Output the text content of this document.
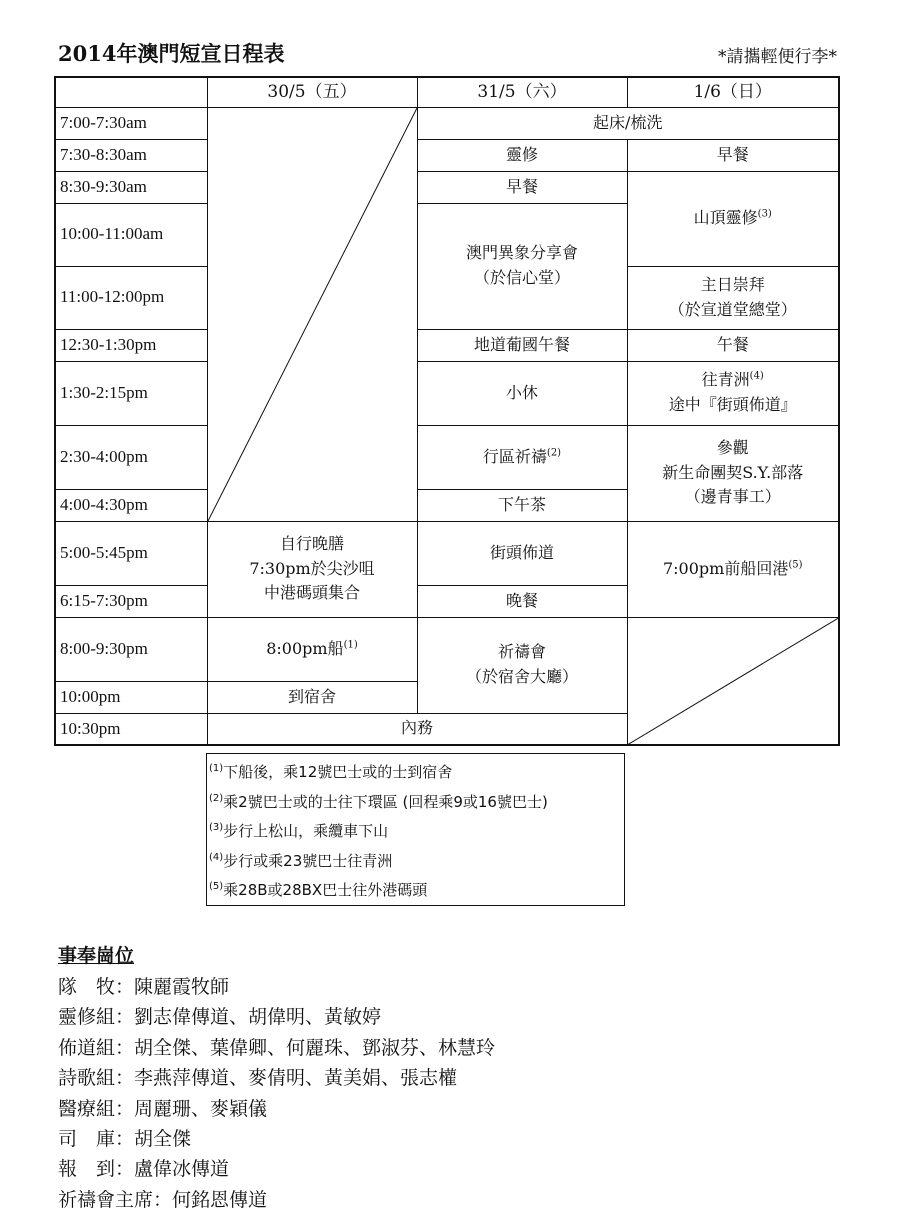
2014年澳門短宣日程表	*請攜輕便行李*
	30/5（五）	31/5（六）	1/6（日）
7:00-7:30am		起床/梳洗	
7:30-8:30am		靈修	早餐
8:30-9:30am		早餐	山頂靈修$^{(3)}$
10:00-11:00am		澳門異象分享會
（於信心堂）	

11:00-12:00pm			主日崇拜
（於宣道堂總堂）

12:30-1:30pm		地道葡國午餐	午餐
1:30-2:15pm		小休	往青洲$^{(4)}$
途中『街頭佈道』

2:30-4:00pm		行區祈禱$^{(2)}$	參觀
新生命團契S.Y.部落
（邊青事工）

4:00-4:30pm		下午茶	
5:00-5:45pm	自行晚膳
7:30pm於尖沙咀
中港碼頭集合	街頭佈道	7:00pm前船回港$^{(5)}$
6:15-7:30pm		晚餐	
8:00-9:30pm	8:00pm船$^{(1)}$	祈禱會
（於宿舍大廳）

10:00pm	到宿舍		
10:30pm	內務		
$^{(1)}$下船後，乘12號巴士或的士到宿舍
$^{(2)}$乘2號巴士或的士往下環區 (回程乘9或16號巴士)
$^{(3)}$步行上松山，乘纜車下山
$^{(4)}$步行或乘23號巴士往青洲
$^{(5)}$乘28B或28BX巴士往外港碼頭
事奉崗位
隊　牧：陳麗霞牧師
靈修組：劉志偉傳道、胡偉明、黃敏婷
佈道組：胡全傑、葉偉卿、何麗珠、鄧淑芬、林慧玲
詩歌組：李燕萍傳道、麥倩明、黃美娟、張志權
醫療組：周麗珊、麥穎儀
司　庫：胡全傑
報　到：盧偉冰傳道
祈禱會主席：何銘恩傳道
